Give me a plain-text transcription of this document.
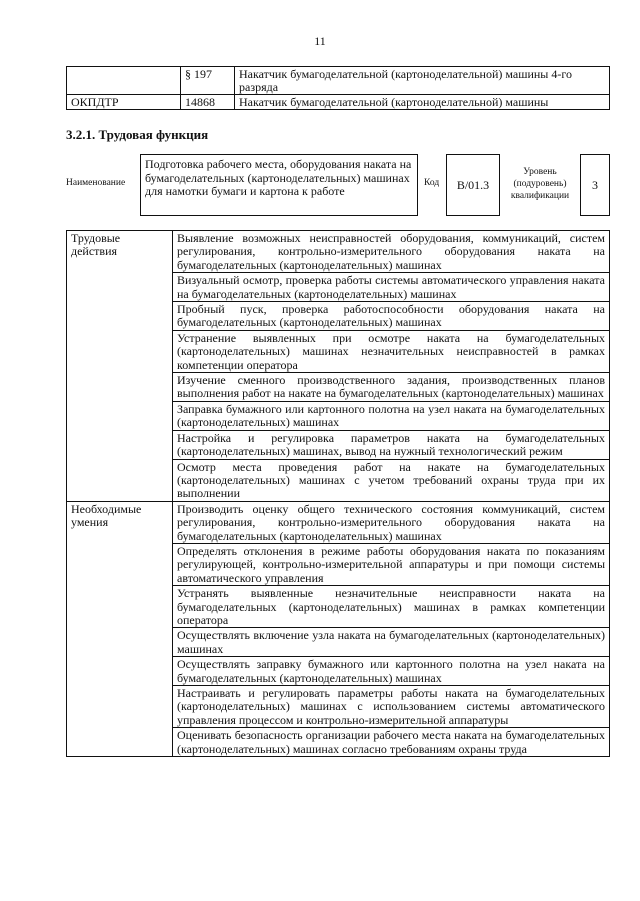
11
	§ 197	Накатчик бумагоделательной (картоноделательной) машины 4-го разряда
ОКПДТР	14868	Накатчик бумагоделательной (картоноделательной) машины
3.2.1. Трудовая функция
Наименование
Подготовка рабочего места, оборудования наката на бумагоделательных (картоноделательных) машинах для намотки бумаги и картона к работе
Код	B/01.3
Уровень (подуровень) квалификации
3
Трудовые действия	Выявление возможных неисправностей оборудования, коммуникаций, систем регулирования, контрольно-измерительного оборудования наката на бумагоделательных (картоноделательных) машинах
	Визуальный осмотр, проверка работы системы автоматического управления наката на бумагоделательных (картоноделательных) машинах
	Пробный пуск, проверка работоспособности оборудования наката на бумагоделательных (картоноделательных) машинах
	Устранение выявленных при осмотре наката на бумагоделательных (картоноделательных) машинах незначительных неисправностей в рамках компетенции оператора
	Изучение сменного производственного задания, производственных планов выполнения работ на накате на бумагоделательных (картоноделательных) машинах
	Заправка бумажного или картонного полотна на узел наката на бумагоделательных (картоноделательных) машинах
	Настройка и регулировка параметров наката на бумагоделательных (картоноделательных) машинах, вывод на нужный технологический режим
	Осмотр места проведения работ на накате на бумагоделательных (картоноделательных) машинах с учетом требований охраны труда при их выполнении
Необходимые умения	Производить оценку общего технического состояния коммуникаций, систем регулирования, контрольно-измерительного оборудования наката на бумагоделательных (картоноделательных) машинах
	Определять отклонения в режиме работы оборудования наката по показаниям регулирующей, контрольно-измерительной аппаратуры и при помощи системы автоматического управления
	Устранять выявленные незначительные неисправности наката на бумагоделательных (картоноделательных) машинах в рамках компетенции оператора
	Осуществлять включение узла наката на бумагоделательных (картоноделательных) машинах
	Осуществлять заправку бумажного или картонного полотна на узел наката на бумагоделательных (картоноделательных) машинах
	Настраивать и регулировать параметры работы наката на бумагоделательных (картоноделательных) машинах с использованием системы автоматического управления процессом и контрольно-измерительной аппаратуры
	Оценивать безопасность организации рабочего места наката на бумагоделательных (картоноделательных) машинах согласно требованиям охраны труда
